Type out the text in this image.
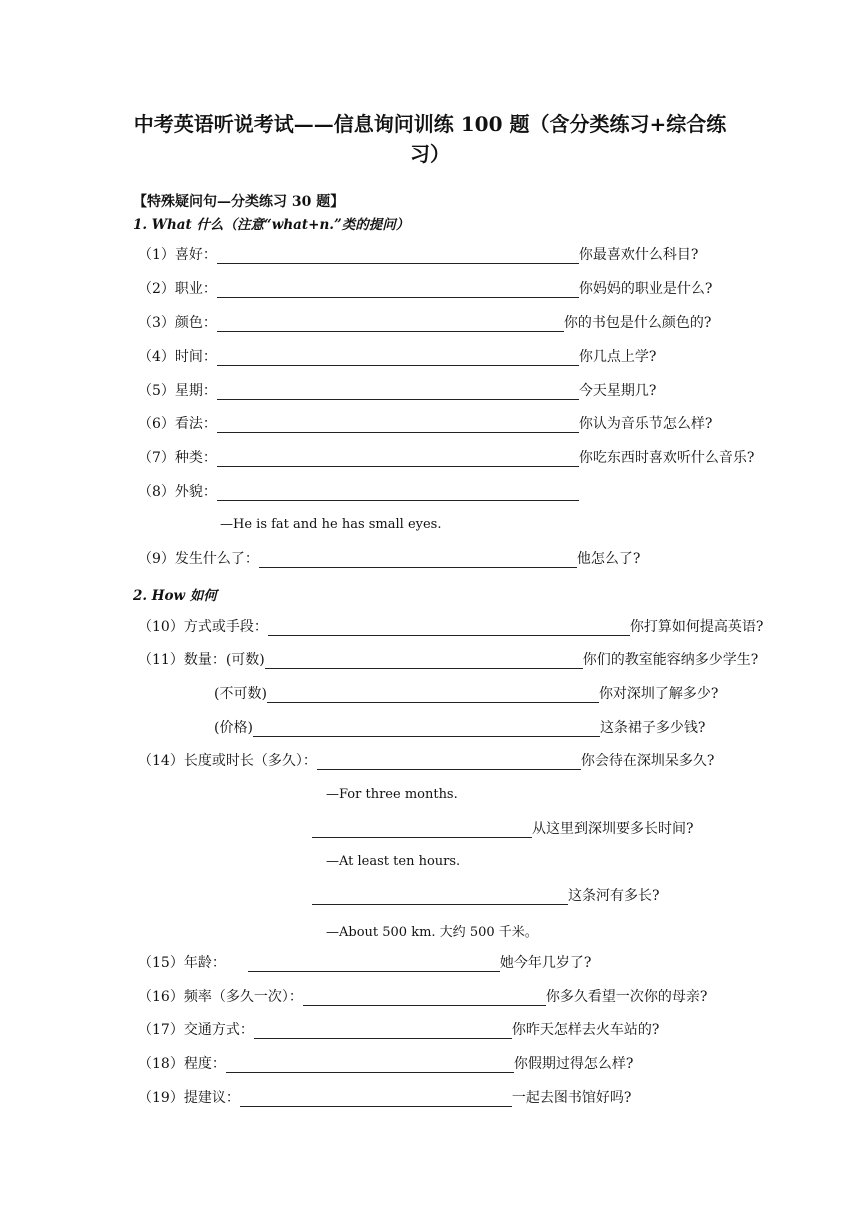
中考英语听说考试——信息询问训练 100 题（含分类练习+综合练
习）
【特殊疑问句—分类练习 30 题】
1. What 什么（注意“what+n.”类的提问）
（1）喜好：	你最喜欢什么科目?
（2）职业：	你妈妈的职业是什么?
（3）颜色：	你的书包是什么颜色的?
（4）时间：	你几点上学?
（5）星期：	今天星期几?
（6）看法：	你认为音乐节怎么样?
（7）种类：	你吃东西时喜欢听什么音乐?
（8）外貌：
—He is fat and he has small eyes.
（9）发生什么了：	他怎么了?
2. How 如何
（10）方式或手段：	你打算如何提高英语?
（11）数量：(可数)	你们的教室能容纳多少学生?
(不可数)	你对深圳了解多少?
(价格)	这条裙子多少钱?
（14）长度或时长（多久）：	你会待在深圳呆多久?
—For three months.
从这里到深圳要多长时间?
—At least ten hours.
这条河有多长?
—About 500 km. 大约 500 千米。
（15）年龄：	她今年几岁了?
（16）频率（多久一次）：	你多久看望一次你的母亲?
（17）交通方式：	你昨天怎样去火车站的?
（18）程度：	你假期过得怎么样?
（19）提建议：	一起去图书馆好吗?
